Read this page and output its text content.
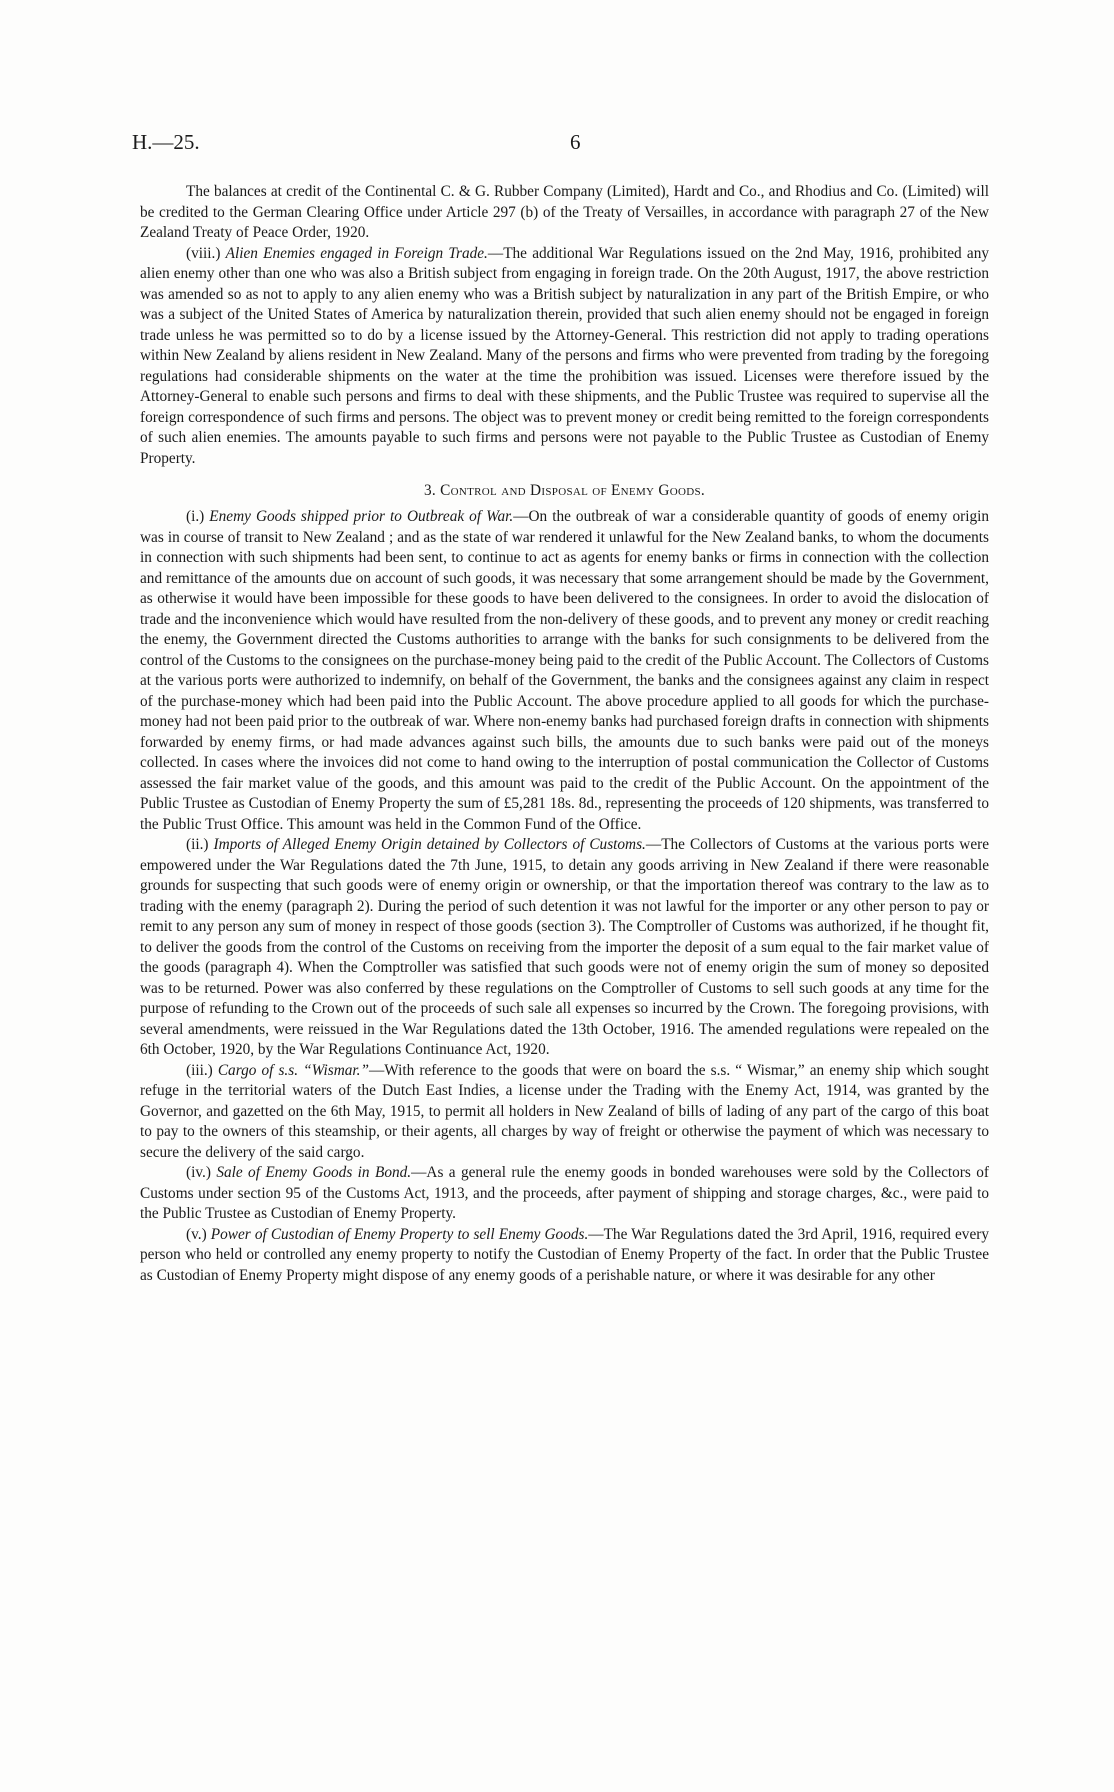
H.—25.	6

The balances at credit of the Continental C. & G. Rubber Company (Limited), Hardt and Co., and Rhodius and Co. (Limited) will be credited to the German Clearing Office under Article 297 (b) of the Treaty of Versailles, in accordance with paragraph 27 of the New Zealand Treaty of Peace Order, 1920.

(viii.) Alien Enemies engaged in Foreign Trade.—The additional War Regulations issued on the 2nd May, 1916, prohibited any alien enemy other than one who was also a British subject from engaging in foreign trade. On the 20th August, 1917, the above restriction was amended so as not to apply to any alien enemy who was a British subject by naturalization in any part of the British Empire, or who was a subject of the United States of America by naturalization therein, provided that such alien enemy should not be engaged in foreign trade unless he was permitted so to do by a license issued by the Attorney-General. This restriction did not apply to trading operations within New Zealand by aliens resident in New Zealand. Many of the persons and firms who were prevented from trading by the foregoing regulations had considerable shipments on the water at the time the prohibition was issued. Licenses were therefore issued by the Attorney-General to enable such persons and firms to deal with these shipments, and the Public Trustee was required to supervise all the foreign correspondence of such firms and persons. The object was to prevent money or credit being remitted to the foreign correspondents of such alien enemies. The amounts payable to such firms and persons were not payable to the Public Trustee as Custodian of Enemy Property.

3. Control and Disposal of Enemy Goods.

(i.) Enemy Goods shipped prior to Outbreak of War.—On the outbreak of war a considerable quantity of goods of enemy origin was in course of transit to New Zealand ; and as the state of war rendered it unlawful for the New Zealand banks, to whom the documents in connection with such shipments had been sent, to continue to act as agents for enemy banks or firms in connection with the collection and remittance of the amounts due on account of such goods, it was necessary that some arrangement should be made by the Government, as otherwise it would have been impossible for these goods to have been delivered to the consignees. In order to avoid the dislocation of trade and the inconvenience which would have resulted from the non-delivery of these goods, and to prevent any money or credit reaching the enemy, the Government directed the Customs authorities to arrange with the banks for such consignments to be delivered from the control of the Customs to the consignees on the purchase-money being paid to the credit of the Public Account. The Collectors of Customs at the various ports were authorized to indemnify, on behalf of the Government, the banks and the consignees against any claim in respect of the purchase-money which had been paid into the Public Account. The above procedure applied to all goods for which the purchase-money had not been paid prior to the outbreak of war. Where non-enemy banks had purchased foreign drafts in connection with shipments forwarded by enemy firms, or had made advances against such bills, the amounts due to such banks were paid out of the moneys collected. In cases where the invoices did not come to hand owing to the interruption of postal communication the Collector of Customs assessed the fair market value of the goods, and this amount was paid to the credit of the Public Account. On the appointment of the Public Trustee as Custodian of Enemy Property the sum of £5,281 18s. 8d., representing the proceeds of 120 shipments, was transferred to the Public Trust Office. This amount was held in the Common Fund of the Office.

(ii.) Imports of Alleged Enemy Origin detained by Collectors of Customs.—The Collectors of Customs at the various ports were empowered under the War Regulations dated the 7th June, 1915, to detain any goods arriving in New Zealand if there were reasonable grounds for suspecting that such goods were of enemy origin or ownership, or that the importation thereof was contrary to the law as to trading with the enemy (paragraph 2). During the period of such detention it was not lawful for the importer or any other person to pay or remit to any person any sum of money in respect of those goods (section 3). The Comptroller of Customs was authorized, if he thought fit, to deliver the goods from the control of the Customs on receiving from the importer the deposit of a sum equal to the fair market value of the goods (paragraph 4). When the Comptroller was satisfied that such goods were not of enemy origin the sum of money so deposited was to be returned. Power was also conferred by these regulations on the Comptroller of Customs to sell such goods at any time for the purpose of refunding to the Crown out of the proceeds of such sale all expenses so incurred by the Crown. The foregoing provisions, with several amendments, were reissued in the War Regulations dated the 13th October, 1916. The amended regulations were repealed on the 6th October, 1920, by the War Regulations Continuance Act, 1920.

(iii.) Cargo of s.s. “Wismar.”—With reference to the goods that were on board the s.s. “ Wismar,” an enemy ship which sought refuge in the territorial waters of the Dutch East Indies, a license under the Trading with the Enemy Act, 1914, was granted by the Governor, and gazetted on the 6th May, 1915, to permit all holders in New Zealand of bills of lading of any part of the cargo of this boat to pay to the owners of this steamship, or their agents, all charges by way of freight or otherwise the payment of which was necessary to secure the delivery of the said cargo.

(iv.) Sale of Enemy Goods in Bond.—As a general rule the enemy goods in bonded warehouses were sold by the Collectors of Customs under section 95 of the Customs Act, 1913, and the proceeds, after payment of shipping and storage charges, &c., were paid to the Public Trustee as Custodian of Enemy Property.

(v.) Power of Custodian of Enemy Property to sell Enemy Goods.—The War Regulations dated the 3rd April, 1916, required every person who held or controlled any enemy property to notify the Custodian of Enemy Property of the fact. In order that the Public Trustee as Custodian of Enemy Property might dispose of any enemy goods of a perishable nature, or where it was desirable for any other
